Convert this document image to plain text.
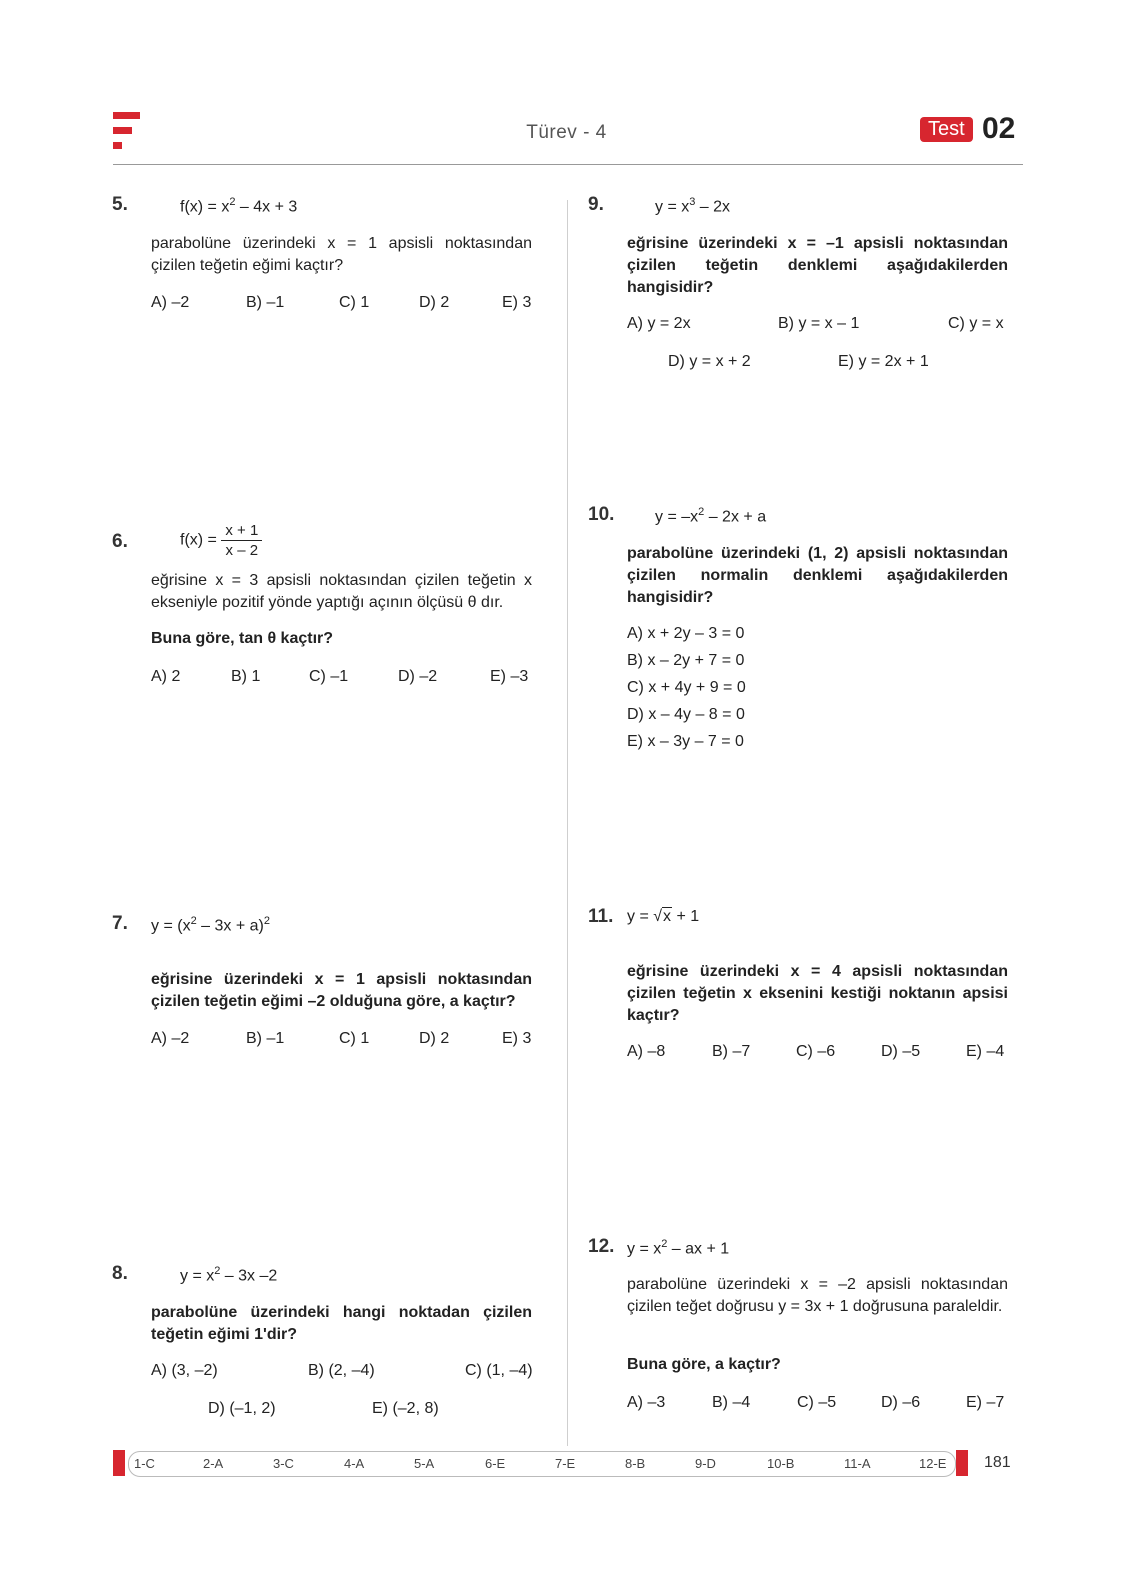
Türev - 4	Test 02
5.	$f(x) = x^2 - 4x + 3$
parabolüne üzerindeki x = 1 apsisli noktasından çizilen teğetin eğimi kaçtır?
A) –2	B) –1	C) 1	D) 2	E) 3
6.	$f(x) = \frac{x + 1}{x - 2}$
eğrisine x = 3 apsisli noktasından çizilen teğetin x ekseniyle pozitif yönde yaptığı açının ölçüsü θ dır.
Buna göre, tan θ kaçtır?
A) 2	B) 1	C) –1	D) –2	E) –3
7. $y = (x^2 - 3x + a)^2$
eğrisine üzerindeki x = 1 apsisli noktasından çizilen teğetin eğimi –2 olduğuna göre, a kaçtır?
A) –2	B) –1	C) 1	D) 2	E) 3
8.	$y = x^2 - 3x$ –2
parabolüne üzerindeki hangi noktadan çizilen teğetin eğimi 1'dir?
A) (3, –2)	B) (2, –4)	C) (1, –4)
D) (–1, 2)	E) (–2, 8)
9.	$y = x^3 - 2x$
eğrisine üzerindeki x = –1 apsisli noktasından çizilen teğetin denklemi aşağıdakilerden hangisidir?
A) y = 2x	B) y = x – 1	C) y = x
D) y = x + 2	E) y = 2x + 1
10.	$y = -x^2 - 2x + a$
parabolüne üzerindeki (1, 2) apsisli noktasından çizilen normalin denklemi aşağıdakilerden hangisidir?
A) x + 2y – 3 = 0
B) x – 2y + 7 = 0
C) x + 4y + 9 = 0
D) x – 4y – 8 = 0
E) x – 3y – 7 = 0
11. y = √x + 1
eğrisine üzerindeki x = 4 apsisli noktasından çizilen teğetin x eksenini kestiği noktanın apsisi kaçtır?
A) –8	B) –7	C) –6	D) –5	E) –4
12. $y = x^2$ – ax + 1
parabolüne üzerindeki x = –2 apsisli noktasından çizilen teğet doğrusu y = 3x + 1 doğrusuna paraleldir.
Buna göre, a kaçtır?
A) –3	B) –4	C) –5	D) –6	E) –7
1-C	2-A	3-C	4-A	5-A	6-E	7-E	8-B	9-D	10-B	11-A	12-E 181
